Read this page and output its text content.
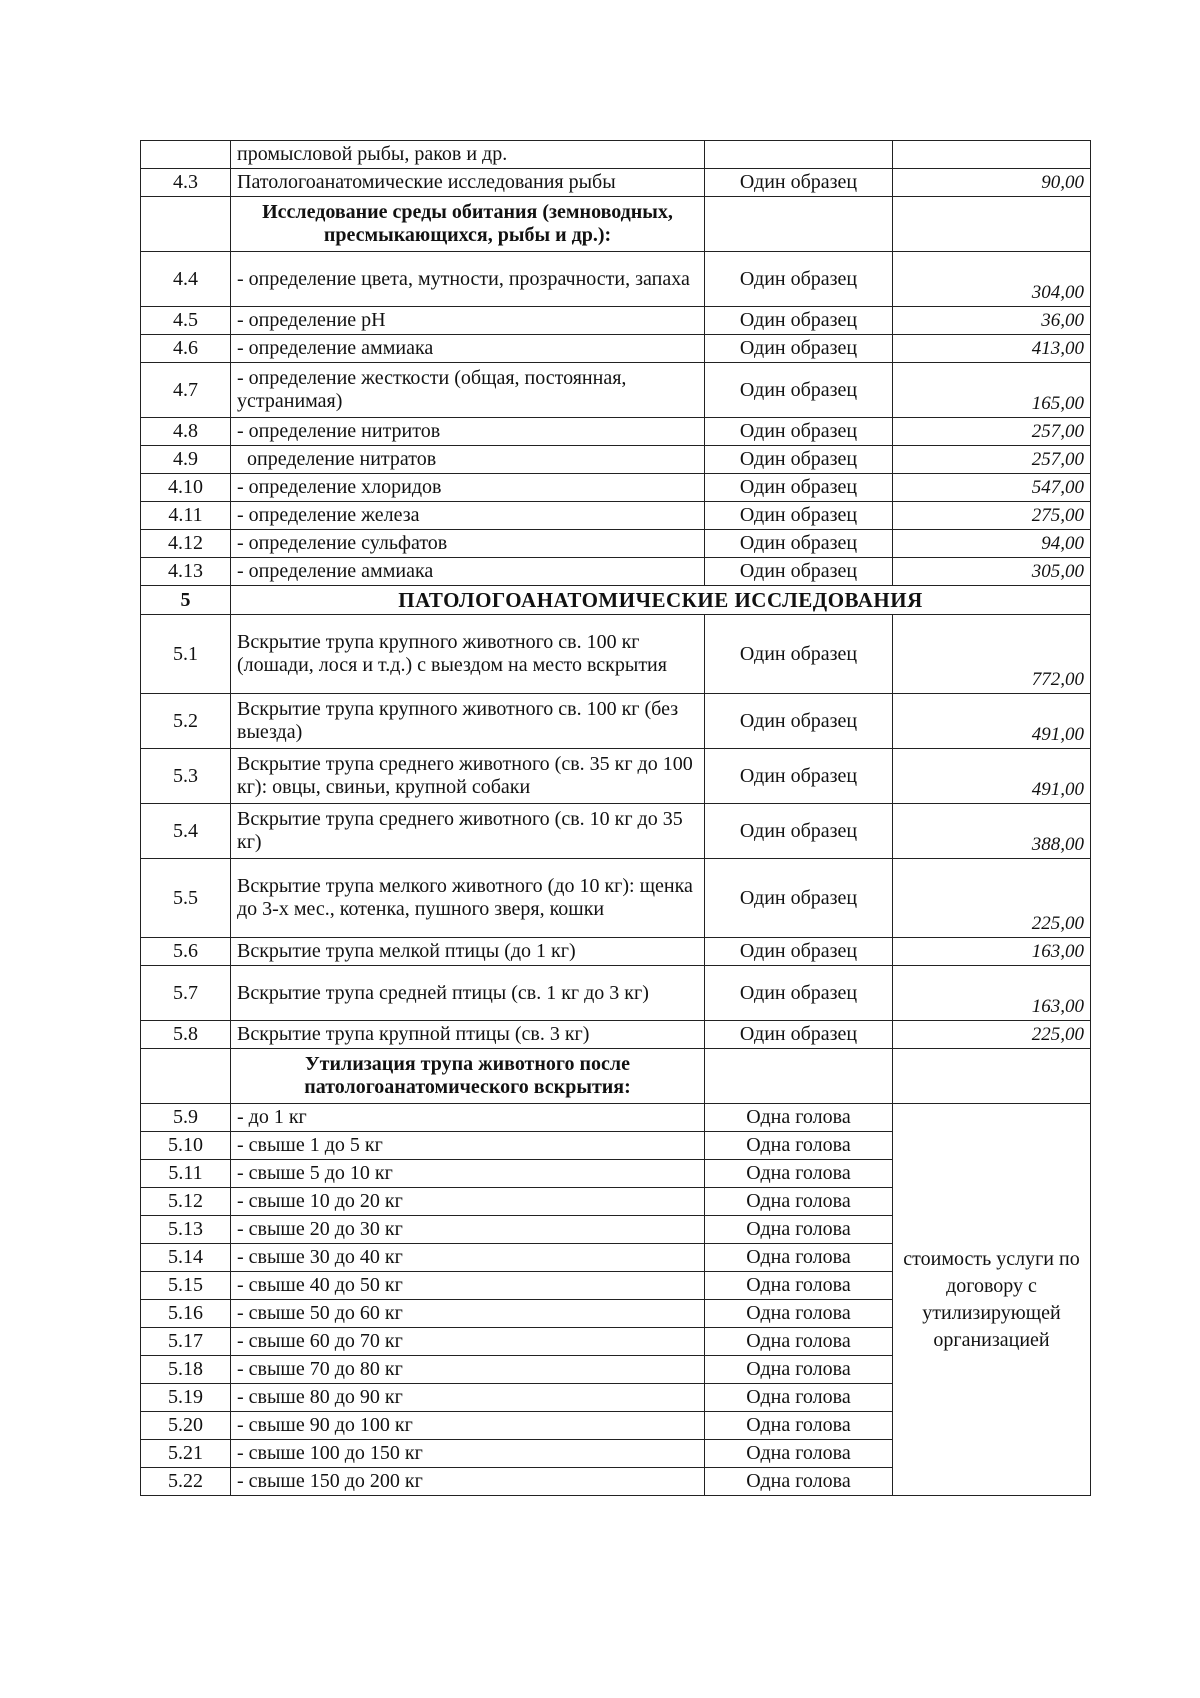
	промысловой рыбы, раков и др.		
4.3	Патологоанатомические исследования рыбы	Один образец	90,00
	Исследование среды обитания (земноводных, пресмыкающихся, рыбы и др.):		
4.4	- определение цвета, мутности, прозрачности, запаха	Один образец	304,00
4.5	- определение pH	Один образец	36,00
4.6	- определение аммиака	Один образец	413,00
4.7	- определение жесткости (общая, постоянная, устранимая)	Один образец	165,00
4.8	- определение нитритов	Один образец	257,00
4.9	определение нитратов	Один образец	257,00
4.10	- определение хлоридов	Один образец	547,00
4.11	- определение железа	Один образец	275,00
4.12	- определение сульфатов	Один образец	94,00
4.13	- определение аммиака	Один образец	305,00
5	ПАТОЛОГОАНАТОМИЧЕСКИЕ ИССЛЕДОВАНИЯ		
5.1	Вскрытие трупа крупного животного св. 100 кг (лошади, лося и т.д.) с выездом на место вскрытия	Один образец	772,00
5.2	Вскрытие трупа крупного животного св. 100 кг (без выезда)	Один образец	491,00
5.3	Вскрытие трупа среднего животного (св. 35 кг до 100 кг): овцы, свиньи, крупной собаки	Один образец	491,00
5.4	Вскрытие трупа среднего животного (св. 10 кг до 35 кг)	Один образец	388,00
5.5	Вскрытие трупа мелкого животного (до 10 кг): щенка до 3-х мес., котенка, пушного зверя, кошки	Один образец	225,00
5.6	Вскрытие трупа мелкой птицы (до 1 кг)	Один образец	163,00
5.7	Вскрытие трупа средней птицы (св. 1 кг до 3 кг)	Один образец	163,00
5.8	Вскрытие трупа крупной птицы (св. 3 кг)	Один образец	225,00
	Утилизация трупа животного после патологоанатомического вскрытия:		
5.9	- до 1 кг	Одна голова	стоимость услуги по договору с утилизирующей организацией
5.10	- свыше 1 до 5 кг	Одна голова	
5.11	- свыше 5 до 10 кг	Одна голова	
5.12	- свыше 10 до 20 кг	Одна голова	
5.13	- свыше 20 до 30 кг	Одна голова	
5.14	- свыше 30 до 40 кг	Одна голова	
5.15	- свыше 40 до 50 кг	Одна голова	
5.16	- свыше 50 до 60 кг	Одна голова	
5.17	- свыше 60 до 70 кг	Одна голова	
5.18	- свыше 70 до 80 кг	Одна голова	
5.19	- свыше 80 до 90 кг	Одна голова	
5.20	- свыше 90 до 100 кг	Одна голова	
5.21	- свыше 100 до 150 кг	Одна голова	
5.22	- свыше 150 до 200 кг	Одна голова	
